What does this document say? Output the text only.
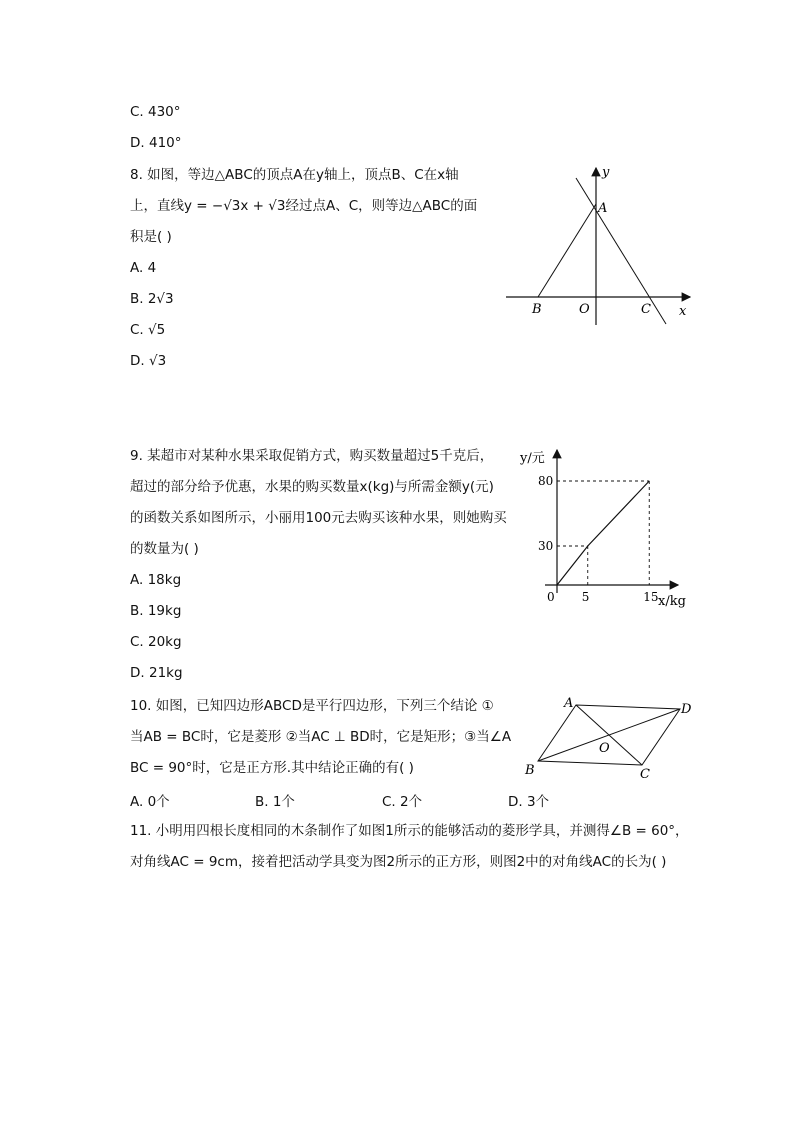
C. 430°
D. 410°
8. 如图，等边△ABC的顶点A在y轴上，顶点B、C在x轴
上，直线y = −√3x + √3经过点A、C，则等边△ABC的面
积是( )
A. 4
B. 2√3
C. √5
D. √3
y
A
B	O	C x
9. 某超市对某种水果采取促销方式，购买数量超过5千克后，
超过的部分给予优惠，水果的购买数量x(kg)与所需金额y(元)
的函数关系如图所示，小丽用100元去购买该种水果，则她购买
的数量为( )
A. 18kg
B. 19kg
C. 20kg
D. 21kg
y/元
x/kg
0 5
30
15
80
10. 如图，已知四边形ABCD是平行四边形，下列三个结论 ①
当AB = BC时，它是菱形 ②当AC ⊥ BD时，它是矩形；③当∠A
BC = 90°时，它是正方形.其中结论正确的有( )
A. 0个	B. 1个	C. 2个	D. 3个
A	D
O
B	C
11. 小明用四根长度相同的木条制作了如图1所示的能够活动的菱形学具，并测得∠B = 60°，
对角线AC = 9cm，接着把活动学具变为图2所示的正方形，则图2中的对角线AC的长为( )
